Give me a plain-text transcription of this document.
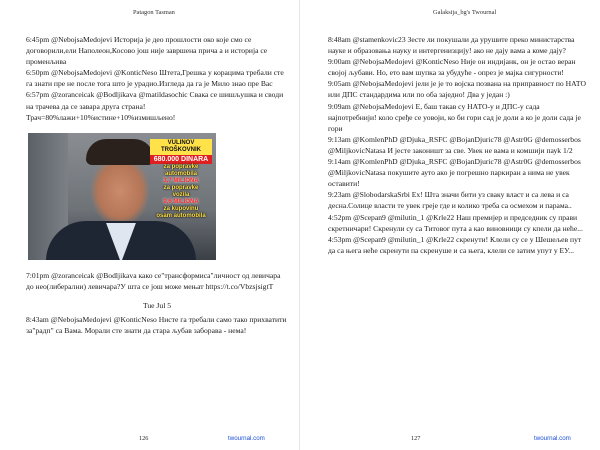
Patagon Tasman

6:45pm @NebojsaMedojevi Историја је део прошлости око које смо се договорили,ели Наполеон,Косово још није завршена прича а и историја се променљива

6:50pm @NebojsaMedojevi @KonticNeso Штета,Грешка у корацима требали сте га знати пре не после тога што је урадио.Изгледа да га је Мило знао пре Вас

6:57pm @zoranceicak @Bodljikava @matildasochic Свака се шишљушка и своди на трачева да се завара друга страна! Трач=80%лажи+10%истине+10%измишљено!

VULINOV TROŠKOVNIK
680.000 DINARA
za popravke
automobila
3,7 MILIONA
za popravke
vozila
9,6 MILIONA
za kupovinu
osam automobila

7:01pm @zoranceicak @Bodljikava како се"трансформиса"личност од левичара до нео(либерални) левичара?У шта се још може мењат https://t.co/VbzsjsigtT

Tue Jul 5

8:43am @NebojsaMedojevi @KonticNeso Нисте га требали само тако прихватити за"радп" са Вама. Морали сте знати да стара љубав заборава - нема!

126	twournal.com
Galaksija_bg's Twournal

8:48am @stamenkovic23 Зесте ли покушали да урушите преко министарства науке и образовања науку и интергенизцију! ако не дају вама а коме дају?

9:00am @NebojsaMedojevi @KonticNeso Није он индијанк, он је остао веран својој љубави. Но, ето вам шупка за убудуће - опрез је мајка сигурности!

9:05am @NebojsaMedojevi јели је је то војска позвана на приправност по НАТО или ДПС стандардима или по оба заједно! Два у један :)

9:09am @NebojsaMedojevi Е, баш такав су НАТО-у и ДПС-у сада најпотребнији! коло сређе се уовоји, ко би гори сад је доли а ко је доли сада је гори

9:13am @KomlenPhD @Djuka_RSFC @BojanDjuric78 @Astr0G @demosserbos @MiljkovicNatasa И јесте законишт за све. Увек не вама и комшији пауk 1/2

9:14am @KomlenPhD @Djuka_RSFC @BojanDjuric78 @Astr0G @demosserbos @MiljkovicNatasa покушите ауто ако је погрешно паркиран а нима не увек оставити!

9:23am @SlobodarskaSrbi Ех! Шта значи бити уз сваку власт и са лева и са десна.Солице власти те увек греје где и колико треба са осмехом и парама..

4:52pm @Scepan9 @milutin_1 @Krle22 Наш премијер и председник су прави скретничари! Скренули су са Титовог пута а као виновници су кпели да нећe...

4:53pm @Scepan9 @milutin_1 @Krle22 скренути! Клели су се у Шешељев пут да са њега неће скренути па скренуше и са њега, клели се затим упут у ЕУ...

127	twournal.com
